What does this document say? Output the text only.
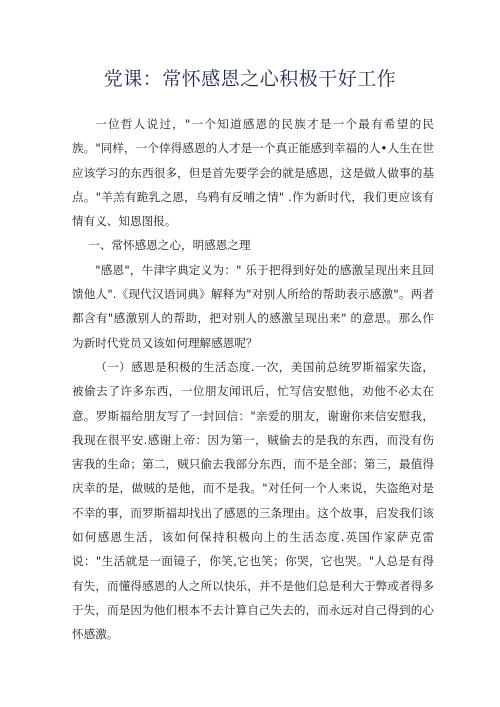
党课：常怀感恩之心积极干好工作

一位哲人说过，"一个知道感恩的民族才是一个最有希望的民族。"同样，一个倖得感恩的人才是一个真正能感到幸福的人•人生在世应该学习的东西很多，但是首先要学会的就是感恩，这是做人做事的基点。"羊羔有跪乳之恩，乌鸦有反哺之情" .作为新时代，我们更应该有情有义、知恩图报。

一、常怀感恩之心，明感恩之理

"感恩"，牛津字典定义为：" 乐于把得到好处的感激呈现出来且回馈他人".《现代汉语词典》解释为"对别人所给的帮助表示感激"。两者都含有"感激别人的帮助，把对别人的感激呈现出来" 的意思。那么作为新时代党员又该如何理解感恩呢？

（一）感恩是积极的生活态度.一次，美国前总统罗斯福家失盗，被偷去了许多东西，一位朋友闻讯后，忙写信安慰他，劝他不必太在意。罗斯福给朋友写了一封回信："亲爱的朋友，谢谢你来信安慰我，我现在很平安.感谢上帝：因为第一，贼偷去的是我的东西，而没有伤害我的生命；第二，贼只偷去我部分东西，而不是全部；第三，最值得庆幸的是，做贼的是他，而不是我。"对任何一个人来说，失盗绝对是不幸的事，而罗斯福却找出了感恩的三条理由。这个故事，启发我们该如何感恩生活，该如何保持积极向上的生活态度.英国作家萨克雷说："生活就是一面镜子，你笑,它也笑；你哭，它也哭。"人总是有得有失，而懂得感恩的人之所以快乐，并不是他们总是利大于弊或者得多于失，而是因为他们根本不去计算自己失去的，而永远对自己得到的心怀感激。
